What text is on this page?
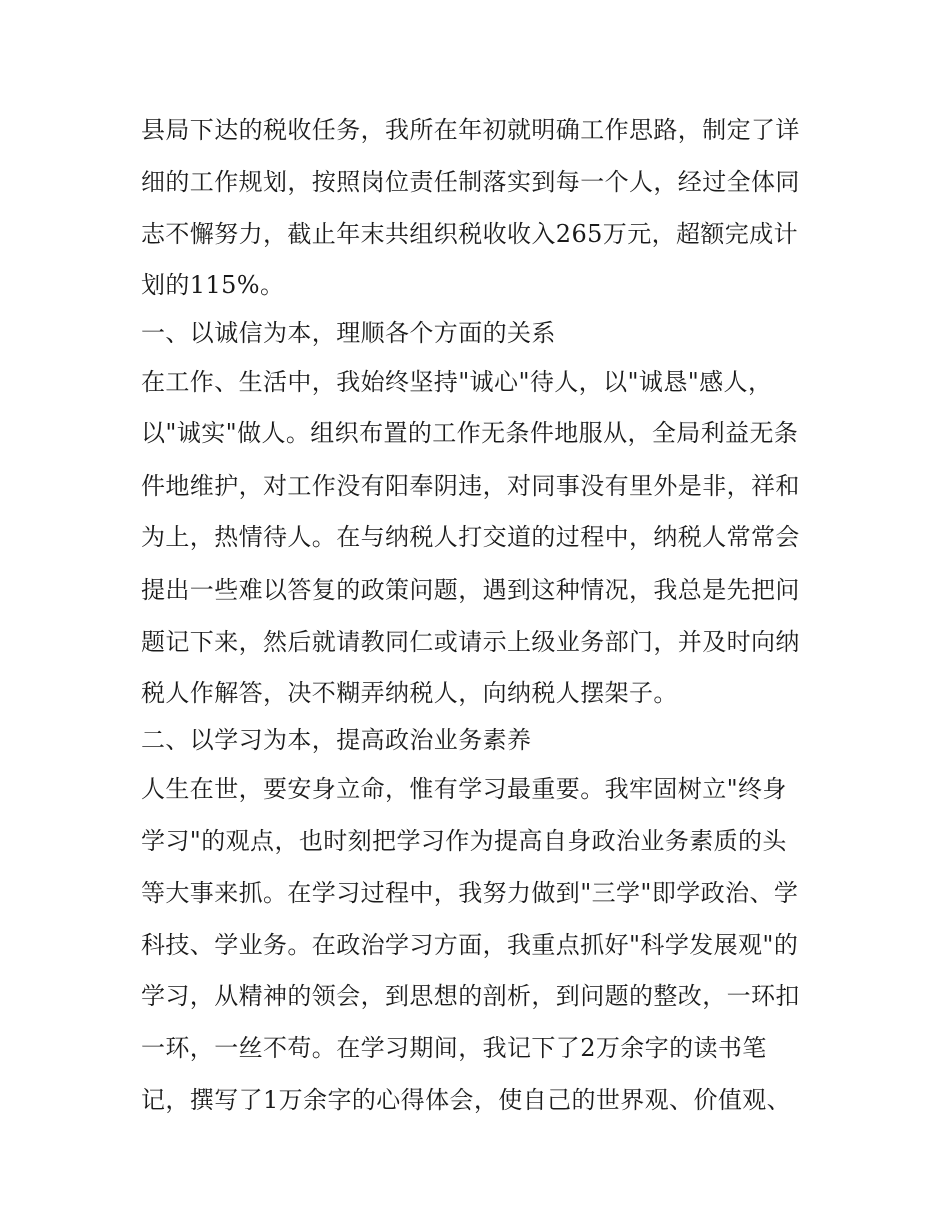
县局下达的税收任务，我所在年初就明确工作思路，制定了详
细的工作规划，按照岗位责任制落实到每一个人，经过全体同
志不懈努力，截止年末共组织税收收入265万元，超额完成计
划的115%。
一、以诚信为本，理顺各个方面的关系
在工作、生活中，我始终坚持"诚心"待人，以"诚恳"感人，
以"诚实"做人。组织布置的工作无条件地服从，全局利益无条
件地维护，对工作没有阳奉阴违，对同事没有里外是非，祥和
为上，热情待人。在与纳税人打交道的过程中，纳税人常常会
提出一些难以答复的政策问题，遇到这种情况，我总是先把问
题记下来，然后就请教同仁或请示上级业务部门，并及时向纳
税人作解答，决不糊弄纳税人，向纳税人摆架子。
二、以学习为本，提高政治业务素养
人生在世，要安身立命，惟有学习最重要。我牢固树立"终身
学习"的观点，也时刻把学习作为提高自身政治业务素质的头
等大事来抓。在学习过程中，我努力做到"三学"即学政治、学
科技、学业务。在政治学习方面，我重点抓好"科学发展观"的
学习，从精神的领会，到思想的剖析，到问题的整改，一环扣
一环，一丝不苟。在学习期间，我记下了2万余字的读书笔
记，撰写了1万余字的心得体会，使自己的世界观、价值观、
